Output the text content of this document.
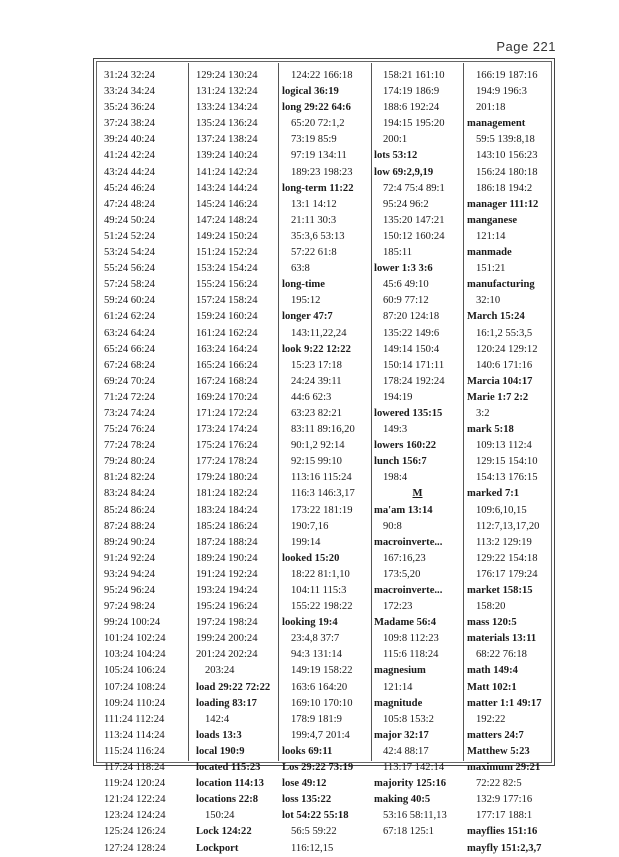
Page 221
31:24 32:24
33:24 34:24
35:24 36:24
37:24 38:24
39:24 40:24
41:24 42:24
43:24 44:24
45:24 46:24
47:24 48:24
49:24 50:24
51:24 52:24
53:24 54:24
55:24 56:24
57:24 58:24
59:24 60:24
61:24 62:24
63:24 64:24
65:24 66:24
67:24 68:24
69:24 70:24
71:24 72:24
73:24 74:24
75:24 76:24
77:24 78:24
79:24 80:24
81:24 82:24
83:24 84:24
85:24 86:24
87:24 88:24
89:24 90:24
91:24 92:24
93:24 94:24
95:24 96:24
97:24 98:24
99:24 100:24
101:24 102:24
103:24 104:24
105:24 106:24
107:24 108:24
109:24 110:24
111:24 112:24
113:24 114:24
115:24 116:24
117:24 118:24
119:24 120:24
121:24 122:24
123:24 124:24
125:24 126:24
127:24 128:24
129:24 130:24
131:24 132:24
133:24 134:24
135:24 136:24
137:24 138:24
139:24 140:24
141:24 142:24
143:24 144:24
145:24 146:24
147:24 148:24
149:24 150:24
151:24 152:24
153:24 154:24
155:24 156:24
157:24 158:24
159:24 160:24
161:24 162:24
163:24 164:24
165:24 166:24
167:24 168:24
169:24 170:24
171:24 172:24
173:24 174:24
175:24 176:24
177:24 178:24
179:24 180:24
181:24 182:24
183:24 184:24
185:24 186:24
187:24 188:24
189:24 190:24
191:24 192:24
193:24 194:24
195:24 196:24
197:24 198:24
199:24 200:24
201:24 202:24
203:24
load 29:22 72:22
loading 83:17
142:4
loads 13:3
local 190:9
located 115:23
location 114:13
locations 22:8
150:24
Lock 124:22
Lockport
124:22 166:18
logical 36:19
long 29:22 64:6
65:20 72:1,2
73:19 85:9
97:19 134:11
189:23 198:23
long-term 11:22
13:1 14:12
21:11 30:3
35:3,6 53:13
57:22 61:8
63:8
long-time
195:12
longer 47:7
143:11,22,24
look 9:22 12:22
15:23 17:18
24:24 39:11
44:6 62:3
63:23 82:21
83:11 89:16,20
90:1,2 92:14
92:15 99:10
113:16 115:24
116:3 146:3,17
173:22 181:19
190:7,16
199:14
looked 15:20
18:22 81:1,10
104:11 115:3
155:22 198:22
looking 19:4
23:4,8 37:7
94:3 131:14
149:19 158:22
163:6 164:20
169:10 170:10
178:9 181:9
199:4,7 201:4
looks 69:11
Los 29:22 73:19
lose 49:12
loss 135:22
lot 54:22 55:18
56:5 59:22
116:12,15
158:21 161:10
174:19 186:9
188:6 192:24
194:15 195:20
200:1
lots 53:12
low 69:2,9,19
72:4 75:4 89:1
95:24 96:2
135:20 147:21
150:12 160:24
185:11
lower 1:3 3:6
45:6 49:10
60:9 77:12
87:20 124:18
135:22 149:6
149:14 150:4
150:14 171:11
178:24 192:24
194:19
lowered 135:15
149:3
lowers 160:22
lunch 156:7
198:4
M
ma'am 13:14
90:8
macroinverte...
167:16,23
173:5,20
macroinverte...
172:23
Madame 56:4
109:8 112:23
115:6 118:24
magnesium
121:14
magnitude
105:8 153:2
major 32:17
42:4 88:17
113:17 142:14
majority 125:16
making 40:5
53:16 58:11,13
67:18 125:1
166:19 187:16
194:9 196:3
201:18
management
59:5 139:8,18
143:10 156:23
156:24 180:18
186:18 194:2
manager 111:12
manganese
121:14
manmade
151:21
manufacturing
32:10
March 15:24
16:1,2 55:3,5
120:24 129:12
140:6 171:16
Marcia 104:17
Marie 1:7 2:2
3:2
mark 5:18
109:13 112:4
129:15 154:10
154:13 176:15
marked 7:1
109:6,10,15
112:7,13,17,20
113:2 129:19
129:22 154:18
176:17 179:24
market 158:15
158:20
mass 120:5
materials 13:11
68:22 76:18
math 149:4
Matt 102:1
matter 1:1 49:17
192:22
matters 24:7
Matthew 5:23
maximum 29:21
72:22 82:5
132:9 177:16
177:17 188:1
mayflies 151:16
mayfly 151:2,3,7
